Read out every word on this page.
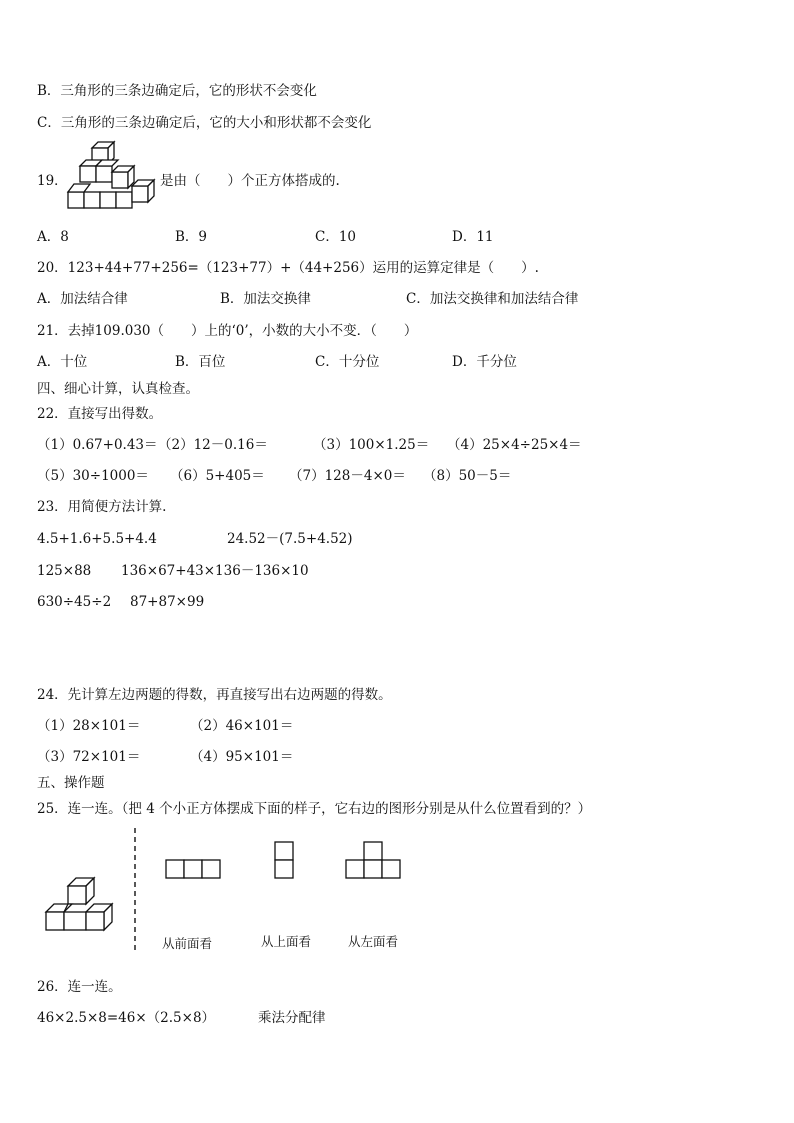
B．三角形的三条边确定后，它的形状不会变化
C．三角形的三条边确定后，它的大小和形状都不会变化
19．	是由（　　）个正方体搭成的.
A．8	B．9	C．10	D．11
20．123+44+77+256=（123+77）+（44+256）运用的运算定律是（　　）.
A．加法结合律	B．加法交换律	C．加法交换律和加法结合律
21．去掉109.030（　　）上的‘0’，小数的大小不变．（　　）
A．十位	B．百位	C．十分位	D．千分位
四、细心计算，认真检查。
22．直接写出得数。
（1）0.67+0.43＝ （2）12－0.16＝	（3）100×1.25＝ （4）25×4÷25×4＝
（5）30÷1000＝ （6）5+405＝ （7）128－4×0＝ （8）50－5＝
23．用简便方法计算.
4.5+1.6+5.5+4.4	24.52－(7.5+4.52)
125×88 136×67+43×136－136×10
630÷45÷2 87+87×99
24．先计算左边两题的得数，再直接写出右边两题的得数。
（1）28×101＝	（2）46×101＝
（3）72×101＝	（4）95×101＝
五、操作题
25．连一连。（把 4 个小正方体摆成下面的样子，它右边的图形分别是从什么位置看到的？）
从前面看	从上面看	从左面看
26．连一连。
46×2.5×8=46×（2.5×8）	乘法分配律
